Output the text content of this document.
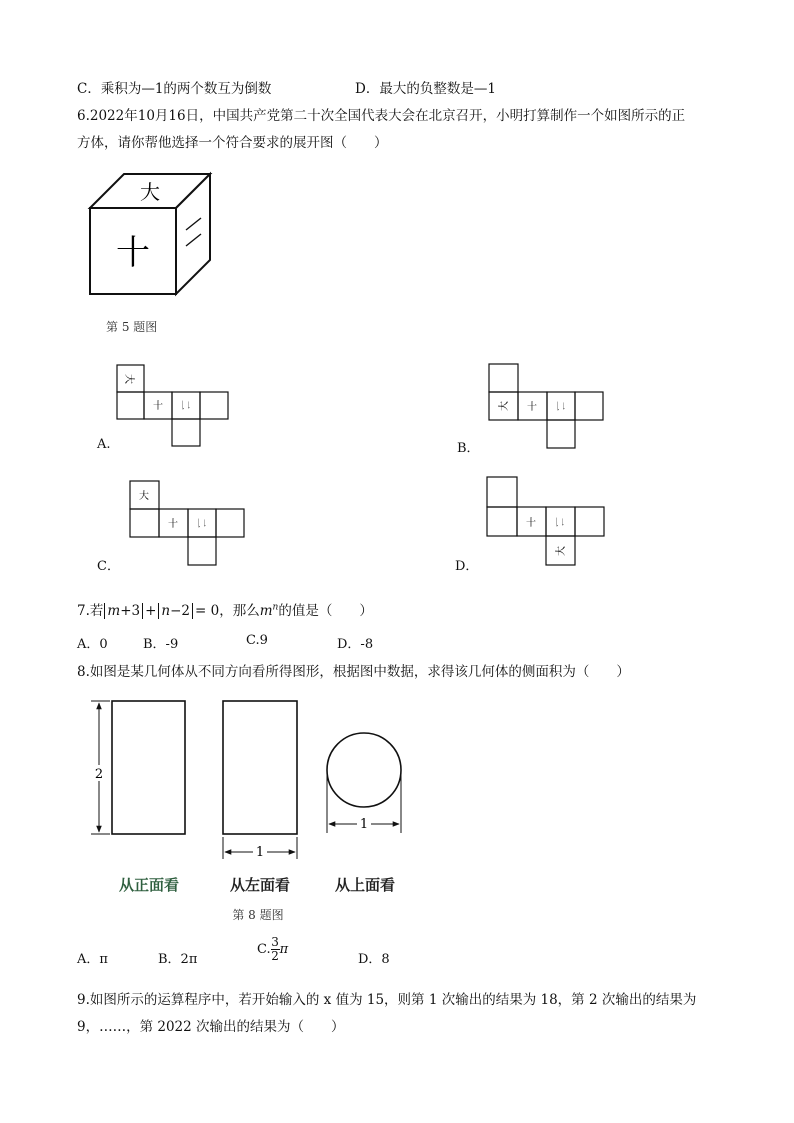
C．乘积为—1的两个数互为倒数	D．最大的负整数是—1
6.2022年10月16日，中国共产党第二十次全国代表大会在北京召开，小明打算制作一个如图所示的正
方体，请你帮他选择一个符合要求的展开图（　　）
大
十
第 5 题图
大
十 二
A.
大 十 二
B．
大
十 二
C．
十 二
大
D．
7.若 m+3 + n−2 = 0，那么$m^n$的值是（　　）
A．0	B．-9	C.9	D．-8
8.如图是某几何体从不同方向看所得图形，根据图中数据，求得该几何体的侧面积为（　　）
2
1
1
从正面看	从左面看	从上面看
第 8 题图
A．π	B．2π
C. $\frac{3}{2}$ π
D．8
9.如图所示的运算程序中，若开始输入的 x 值为 15，则第 1 次输出的结果为 18，第 2 次输出的结果为
9，……，第 2022 次输出的结果为（　　）
